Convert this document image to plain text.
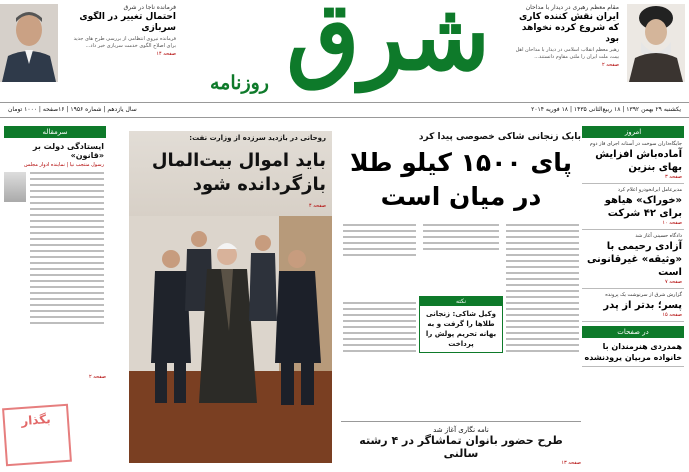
مقام معظم رهبری در دیدار با مداحان
ایران نقش کننده کاری که شروع کرده نخواهد بود
رهبر معظم انقلاب اسلامی در دیدار با مداحان اهل بیت، ملت ایران را ملتی مقاوم دانستند...
صفحه ۲
شرق
روزنامه
فرمانده ناجا در شرق
احتمال تغییر در الگوی سربازی
فرمانده نیروی انتظامی از بررسی طرح های جدید برای اصلاح الگوی خدمت سربازی خبر داد...
صفحه ۱۴
یکشنبه ۲۹ بهمن ۱۳۹۲ | ۱۸ ربیع‌الثانی ۱۴۳۵ | ۱۸ فوریه ۲۰۱۴
سال یازدهم | شماره ۱۹۵۶ | ۱۶صفحه | ۱۰۰۰ تومان
امروز
جایگاه‌داران سوخت در آستانه اجرای فاز دوم
آماده‌باش افزایش بهای بنزین
صفحه ۳
مدیرعامل ایرانخودرو اعلام کرد
«خوراک» هیاهو برای ۴۲ شرکت
صفحه ۱۰
دادگاه حسینی آغاز شد
آزادی رحیمی با «وثیقه» غیرقانونی است
صفحه ۷
گزارش شرق از سرنوشت یک پرونده
پسر؛ بدتر از پدر
صفحه ۱۵
در صفحات
همدردی هنرمندان با خانواده مربیان یرودنشده
بابک زنجانی شاکی خصوصی پیدا کرد
پای ۱۵۰۰ کیلو طلا در میان است
نکته
وکیل شاکی: زنجانی طلاها را گرفت و به بهانه تحریم پولش را پرداخت
نامه نگاری آغاز شد
طرح حضور بانوان تماشاگر در ۴ رشته سالنی
صفحه ۱۳
روحانی در بازدید سرزده از وزارت نفت:
باید اموال بیت‌المال بازگردانده شود
صفحه ۴
سرمقاله
ایستادگی دولت بر «قانون»
رسول منتجب نیا | نماینده ادوار مجلس
صفحه ۲
بگذار
